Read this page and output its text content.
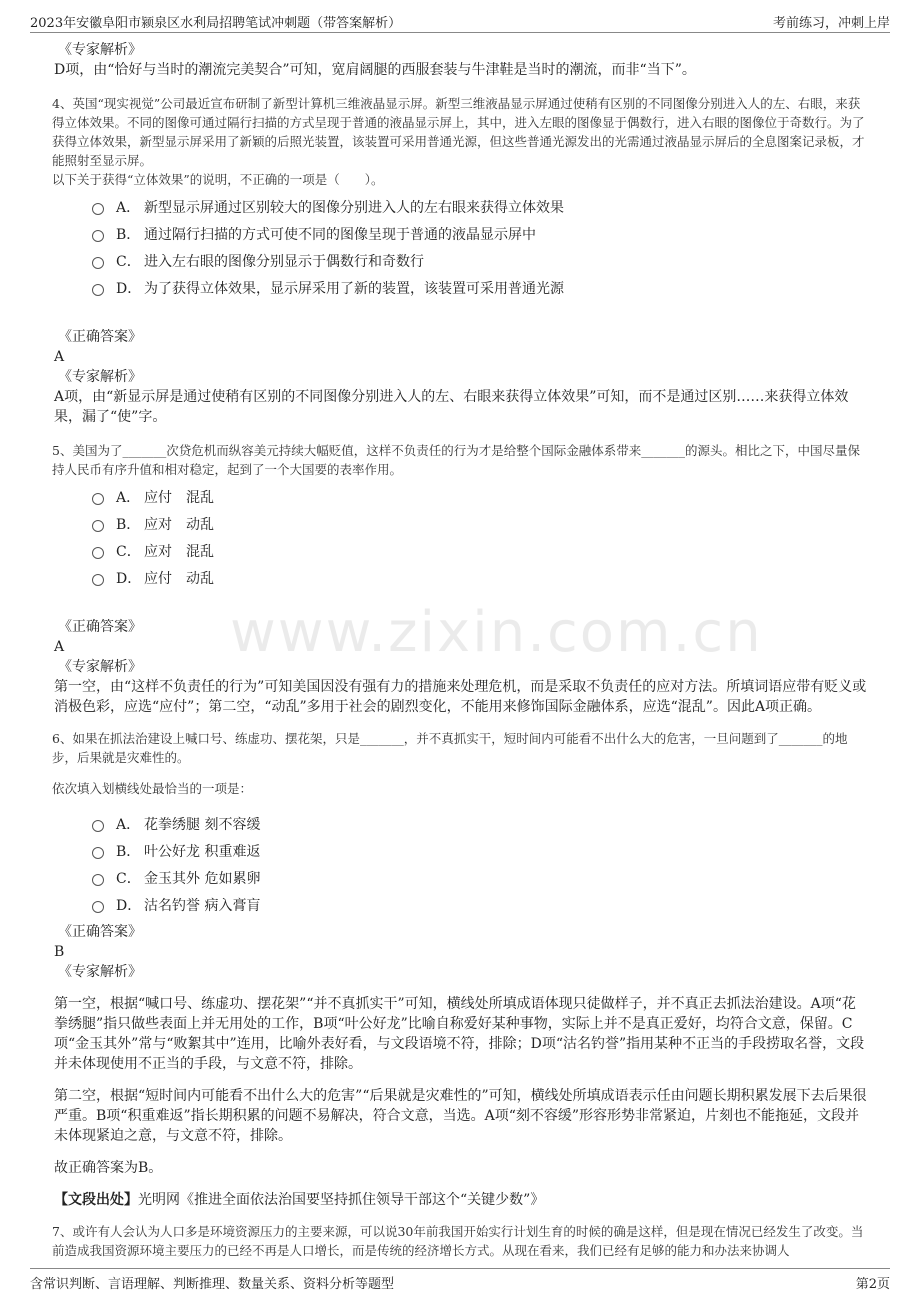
2023年安徽阜阳市颍泉区水利局招聘笔试冲刺题（带答案解析）	考前练习，冲刺上岸
www.zixin.com.cn
《专家解析》

D项，由“恰好与当时的潮流完美契合”可知，宽肩阔腿的西服套装与牛津鞋是当时的潮流，而非“当下”。

4、英国“现实视觉”公司最近宣布研制了新型计算机三维液晶显示屏。新型三维液晶显示屏通过使稍有区别的不同图像分别进入人的左、右眼，来获得立体效果。不同的图像可通过隔行扫描的方式呈现于普通的液晶显示屏上，其中，进入左眼的图像显于偶数行，进入右眼的图像位于奇数行。为了获得立体效果，新型显示屏采用了新颖的后照光装置，该装置可采用普通光源，但这些普通光源发出的光需通过液晶显示屏后的全息图案记录板，才能照射至显示屏。

以下关于获得“立体效果”的说明，不正确的一项是（　　）。

A． 新型显示屏通过区别较大的图像分别进入人的左右眼来获得立体效果
B． 通过隔行扫描的方式可使不同的图像呈现于普通的液晶显示屏中
C． 进入左右眼的图像分别显示于偶数行和奇数行
D． 为了获得立体效果，显示屏采用了新的装置，该装置可采用普通光源
《正确答案》
A
《专家解析》

A项，由“新显示屏是通过使稍有区别的不同图像分别进入人的左、右眼来获得立体效果”可知，而不是通过区别……来获得立体效果，漏了“使”字。

5、美国为了_______次贷危机而纵容美元持续大幅贬值，这样不负责任的行为才是给整个国际金融体系带来_______的源头。相比之下，中国尽量保持人民币有序升值和相对稳定，起到了一个大国要的表率作用。

A． 应付　混乱
B． 应对　动乱
C． 应对　混乱
D． 应付　动乱
《正确答案》
A
《专家解析》

第一空，由“这样不负责任的行为”可知美国因没有强有力的措施来处理危机，而是采取不负责任的应对方法。所填词语应带有贬义或消极色彩，应选“应付”；第二空，“动乱”多用于社会的剧烈变化，不能用来修饰国际金融体系，应选“混乱”。因此A项正确。

6、如果在抓法治建设上喊口号、练虚功、摆花架，只是_______，并不真抓实干，短时间内可能看不出什么大的危害，一旦问题到了_______的地步，后果就是灾难性的。

依次填入划横线处最恰当的一项是：

A． 花拳绣腿 刻不容缓
B． 叶公好龙 积重难返
C． 金玉其外 危如累卵
D． 沽名钓誉 病入膏肓
《正确答案》
B
《专家解析》

第一空，根据“喊口号、练虚功、摆花架”“并不真抓实干”可知，横线处所填成语体现只徒做样子，并不真正去抓法治建设。A项“花拳绣腿”指只做些表面上并无用处的工作，B项“叶公好龙”比喻自称爱好某种事物，实际上并不是真正爱好，均符合文意，保留。C项“金玉其外”常与“败絮其中”连用，比喻外表好看，与文段语境不符，排除；D项“沽名钓誉”指用某种不正当的手段捞取名誉，文段并未体现使用不正当的手段，与文意不符，排除。

第二空，根据“短时间内可能看不出什么大的危害”“后果就是灾难性的”可知，横线处所填成语表示任由问题长期积累发展下去后果很严重。B项“积重难返”指长期积累的问题不易解决，符合文意，当选。A项“刻不容缓”形容形势非常紧迫，片刻也不能拖延，文段并未体现紧迫之意，与文意不符，排除。

故正确答案为B。

【文段出处】光明网《推进全面依法治国要坚持抓住领导干部这个“关键少数”》

7、或许有人会认为人口多是环境资源压力的主要来源，可以说30年前我国开始实行计划生育的时候的确是这样，但是现在情况已经发生了改变。当前造成我国资源环境主要压力的已经不再是人口增长，而是传统的经济增长方式。从现在看来，我们已经有足够的能力和办法来协调人

含常识判断、言语理解、判断推理、数量关系、资料分析等题型	第2页
